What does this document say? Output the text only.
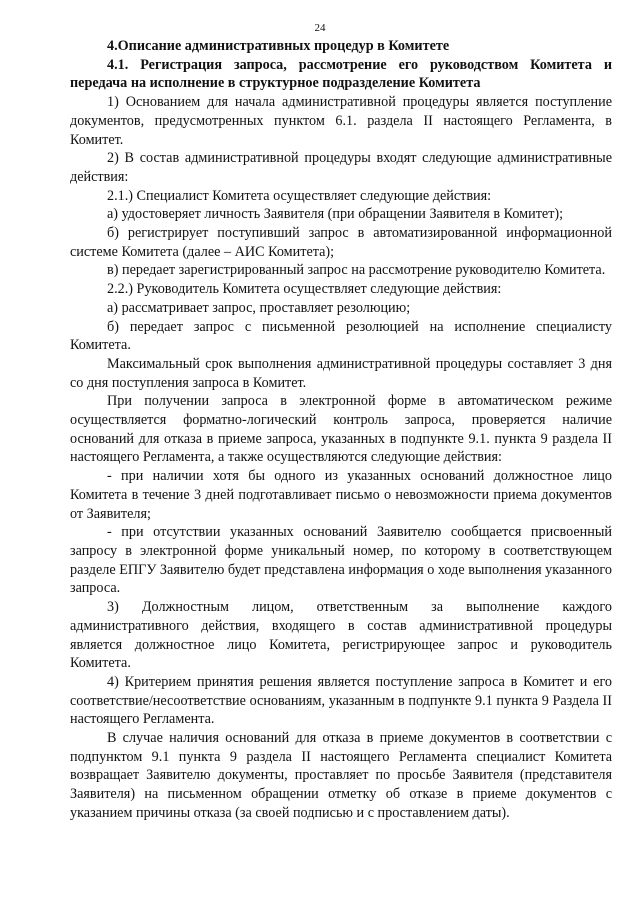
24

4.Описание административных процедур в Комитете

4.1. Регистрация запроса, рассмотрение его руководством Комитета и передача на исполнение в структурное подразделение Комитета

1) Основанием для начала административной процедуры является поступление документов, предусмотренных пунктом 6.1. раздела II настоящего Регламента, в Комитет.

2) В состав административной процедуры входят следующие административные действия:

2.1.) Специалист Комитета осуществляет следующие действия:

а) удостоверяет личность Заявителя (при обращении Заявителя в Комитет);

б) регистрирует поступивший запрос в автоматизированной информационной системе Комитета (далее – АИС Комитета);

в) передает зарегистрированный запрос на рассмотрение руководителю Комитета.

2.2.) Руководитель Комитета осуществляет следующие действия:

а) рассматривает запрос, проставляет резолюцию;

б) передает запрос с письменной резолюцией на исполнение специалисту Комитета.

Максимальный срок выполнения административной процедуры составляет 3 дня со дня поступления запроса в Комитет.

При получении запроса в электронной форме в автоматическом режиме осуществляется форматно-логический контроль запроса, проверяется наличие оснований для отказа в приеме запроса, указанных в подпункте 9.1. пункта 9 раздела II настоящего Регламента, а также осуществляются следующие действия:

- при наличии хотя бы одного из указанных оснований должностное лицо Комитета в течение 3 дней подготавливает письмо о невозможности приема документов от Заявителя;

- при отсутствии указанных оснований Заявителю сообщается присвоенный запросу в электронной форме уникальный номер, по которому в соответствующем разделе ЕПГУ Заявителю будет представлена информация о ходе выполнения указанного запроса.

3) Должностным лицом, ответственным за выполнение каждого административного действия, входящего в состав административной процедуры является должностное лицо Комитета, регистрирующее запрос и руководитель Комитета.

4) Критерием принятия решения является поступление запроса в Комитет и его соответствие/несоответствие основаниям, указанным в подпункте 9.1 пункта 9 Раздела II настоящего Регламента.

В случае наличия оснований для отказа в приеме документов в соответствии с подпунктом 9.1 пункта 9 раздела II настоящего Регламента специалист Комитета возвращает Заявителю документы, проставляет по просьбе Заявителя (представителя Заявителя) на письменном обращении отметку об отказе в приеме документов с указанием причины отказа (за своей подписью и с проставлением даты).
